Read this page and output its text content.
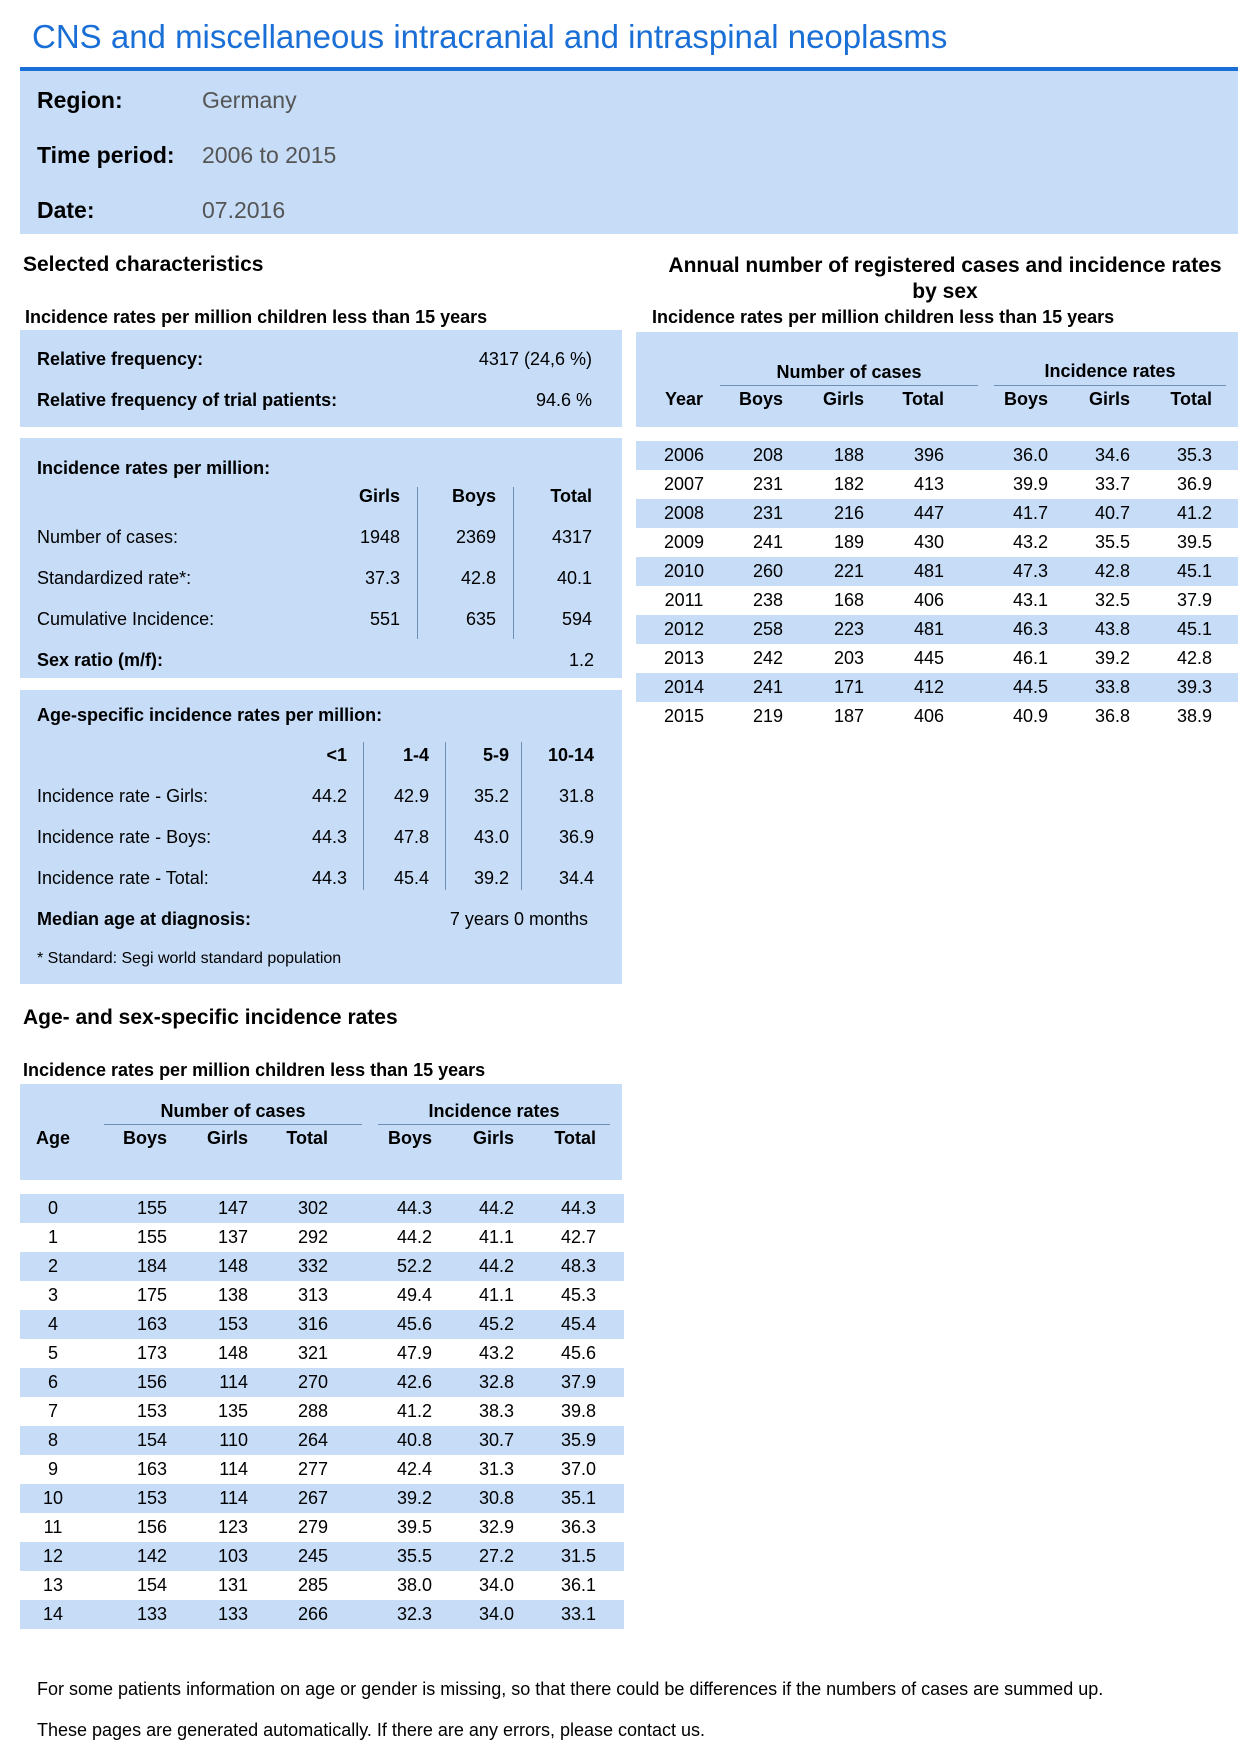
CNS and miscellaneous intracranial and intraspinal neoplasms
Region:	Germany
Time period: 2006 to 2015
Date:	07.2016
Selected characteristics
Incidence rates per million children less than 15 years
Relative frequency:	4317 (24,6 %)
Relative frequency of trial patients:	94.6 %
Incidence rates per million:
Girls	Boys	Total
Number of cases:	1948	2369	4317
Standardized rate*:	37.3	42.8	40.1
Cumulative Incidence:	551	635	594
Sex ratio (m/f):	1.2
Age-specific incidence rates per million:
<1	1-4	5-9	10-14
Incidence rate - Girls:	44.2	42.9	35.2	31.8
Incidence rate - Boys:	44.3	47.8	43.0	36.9
Incidence rate - Total:	44.3	45.4	39.2	34.4
Median age at diagnosis:	7 years 0 months
* Standard: Segi world standard population
Annual number of registered cases and incidence rates
by sex
Incidence rates per million children less than 15 years
Number of cases	Incidence rates
Year	Boys	Girls	Total	Boys	Girls	Total
2006	208	188	396	36.0	34.6	35.3
2007	231	182	413	39.9	33.7	36.9
2008	231	216	447	41.7	40.7	41.2
2009	241	189	430	43.2	35.5	39.5
2010	260	221	481	47.3	42.8	45.1
2011	238	168	406	43.1	32.5	37.9
2012	258	223	481	46.3	43.8	45.1
2013	242	203	445	46.1	39.2	42.8
2014	241	171	412	44.5	33.8	39.3
2015	219	187	406	40.9	36.8	38.9
Age- and sex-specific incidence rates
Incidence rates per million children less than 15 years
Number of cases	Incidence rates
Age	Boys	Girls	Total	Boys	Girls	Total
0	155	147	302	44.3	44.2	44.3
1	155	137	292	44.2	41.1	42.7
2	184	148	332	52.2	44.2	48.3
3	175	138	313	49.4	41.1	45.3
4	163	153	316	45.6	45.2	45.4
5	173	148	321	47.9	43.2	45.6
6	156	114	270	42.6	32.8	37.9
7	153	135	288	41.2	38.3	39.8
8	154	110	264	40.8	30.7	35.9
9	163	114	277	42.4	31.3	37.0
10	153	114	267	39.2	30.8	35.1
11	156	123	279	39.5	32.9	36.3
12	142	103	245	35.5	27.2	31.5
13	154	131	285	38.0	34.0	36.1
14	133	133	266	32.3	34.0	33.1
For some patients information on age or gender is missing, so that there could be differences if the numbers of cases are summed up.
These pages are generated automatically. If there are any errors, please contact us.
